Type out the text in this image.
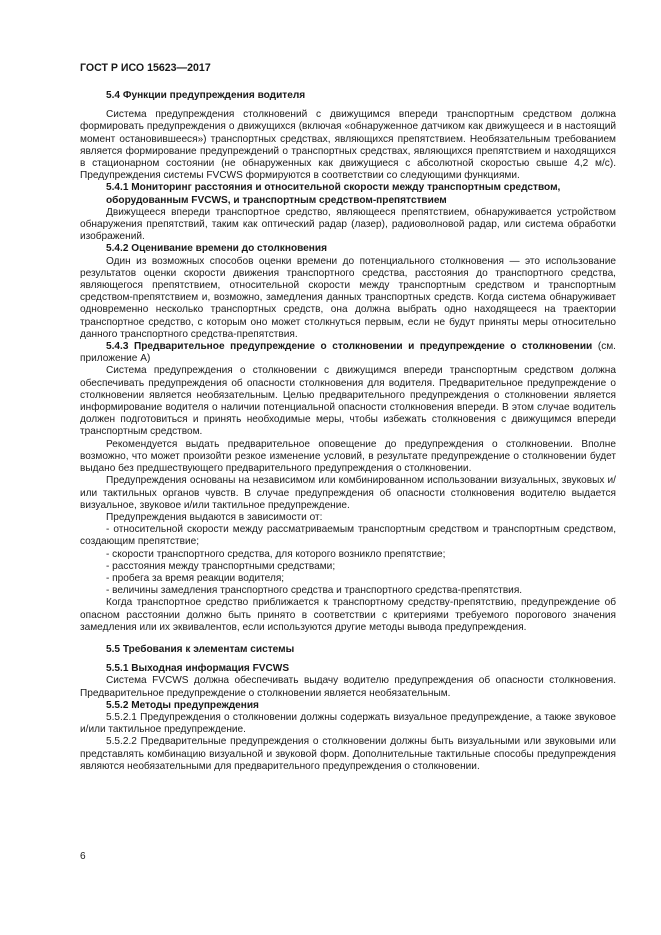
ГОСТ Р ИСО 15623—2017
5.4 Функции предупреждения водителя
Система предупреждения столкновений с движущимся впереди транспортным средством должна формировать предупреждения о движущихся (включая «обнаруженное датчиком как движущееся и в настоящий момент остановившееся») транспортных средствах, являющихся препятствием. Необязательным требованием является формирование предупреждений о транспортных средствах, являющихся препятствием и находящихся в стационарном состоянии (не обнаруженных как движущиеся с абсолютной скоростью свыше 4,2 м/с). Предупреждения системы FVCWS формируются в соответствии со следующими функциями.
5.4.1 Мониторинг расстояния и относительной скорости между транспортным средством, оборудованным FVCWS, и транспортным средством-препятствием
Движущееся впереди транспортное средство, являющееся препятствием, обнаруживается устройством обнаружения препятствий, таким как оптический радар (лазер), радиоволновой радар, или система обработки изображений.
5.4.2 Оценивание времени до столкновения
Один из возможных способов оценки времени до потенциального столкновения — это использование результатов оценки скорости движения транспортного средства, расстояния до транспортного средства, являющегося препятствием, относительной скорости между транспортным средством и транспортным средством-препятствием и, возможно, замедления данных транспортных средств. Когда система обнаруживает одновременно несколько транспортных средств, она должна выбрать одно находящееся на траектории транспортное средство, с которым оно может столкнуться первым, если не будут приняты меры относительно данного транспортного средства-препятствия.
5.4.3 Предварительное предупреждение о столкновении и предупреждение о столкновении (см. приложение А)
Система предупреждения о столкновении с движущимся впереди транспортным средством должна обеспечивать предупреждения об опасности столкновения для водителя. Предварительное предупреждение о столкновении является необязательным. Целью предварительного предупреждения о столкновении является информирование водителя о наличии потенциальной опасности столкновения впереди. В этом случае водитель должен подготовиться и принять необходимые меры, чтобы избежать столкновения с движущимся впереди транспортным средством.
Рекомендуется выдать предварительное оповещение до предупреждения о столкновении. Вполне возможно, что может произойти резкое изменение условий, в результате предупреждение о столкновении будет выдано без предшествующего предварительного предупреждения о столкновении.
Предупреждения основаны на независимом или комбинированном использовании визуальных, звуковых и/или тактильных органов чувств. В случае предупреждения об опасности столкновения водителю выдается визуальное, звуковое и/или тактильное предупреждение.
Предупреждения выдаются в зависимости от:
- относительной скорости между рассматриваемым транспортным средством и транспортным средством, создающим препятствие;
- скорости транспортного средства, для которого возникло препятствие;
- расстояния между транспортными средствами;
- пробега за время реакции водителя;
- величины замедления транспортного средства и транспортного средства-препятствия.
Когда транспортное средство приближается к транспортному средству-препятствию, предупреждение об опасном расстоянии должно быть принято в соответствии с критериями требуемого порогового значения замедления или их эквивалентов, если используются другие методы вывода предупреждения.
5.5 Требования к элементам системы
5.5.1 Выходная информация FVCWS
Система FVCWS должна обеспечивать выдачу водителю предупреждения об опасности столкновения. Предварительное предупреждение о столкновении является необязательным.
5.5.2 Методы предупреждения
5.5.2.1 Предупреждения о столкновении должны содержать визуальное предупреждение, а также звуковое и/или тактильное предупреждение.
5.5.2.2 Предварительные предупреждения о столкновении должны быть визуальными или звуковыми или представлять комбинацию визуальной и звуковой форм. Дополнительные тактильные способы предупреждения являются необязательными для предварительного предупреждения о столкновении.
6
